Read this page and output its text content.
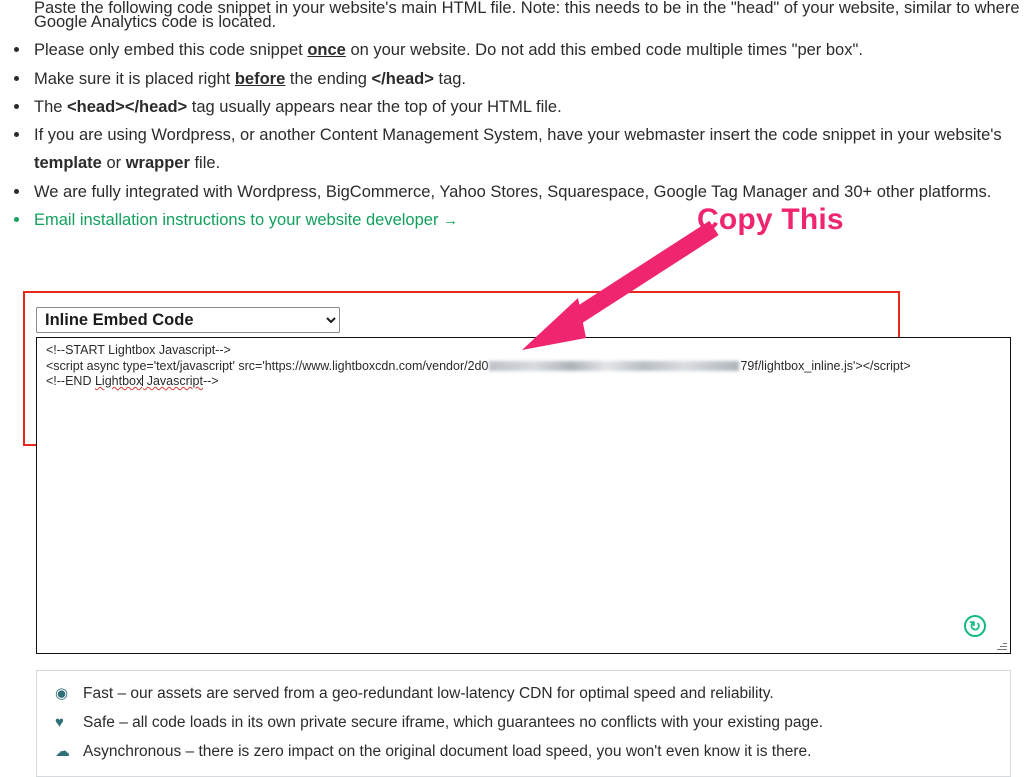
Paste the following code snippet in your website's main HTML file. Note: this needs to be in the "head" of your website, similar to where
Google Analytics code is located.
Please only embed this code snippet once on your website. Do not add this embed code multiple times "per box".
Make sure it is placed right before the ending </head> tag.
The <head></head> tag usually appears near the top of your HTML file.
If you are using Wordpress, or another Content Management System, have your webmaster insert the code snippet in your website's template or wrapper file.
We are fully integrated with Wordpress, BigCommerce, Yahoo Stores, Squarespace, Google Tag Manager and 30+ other platforms.
Email installation instructions to your website developer →
Inline Embed Code
<!--START Lightbox Javascript-->
<script async type='text/javascript' src='https://www.lightboxcdn.com/vendor/2d0	79f/lightbox_inline.js'></script>
<!--END Lightbox Javascript-->
↻
Copy This
◉ Fast – our assets are served from a geo-redundant low-latency CDN for optimal speed and reliability.
♥	Safe – all code loads in its own private secure iframe, which guarantees no conflicts with your existing page.
☁ Asynchronous – there is zero impact on the original document load speed, you won't even know it is there.
